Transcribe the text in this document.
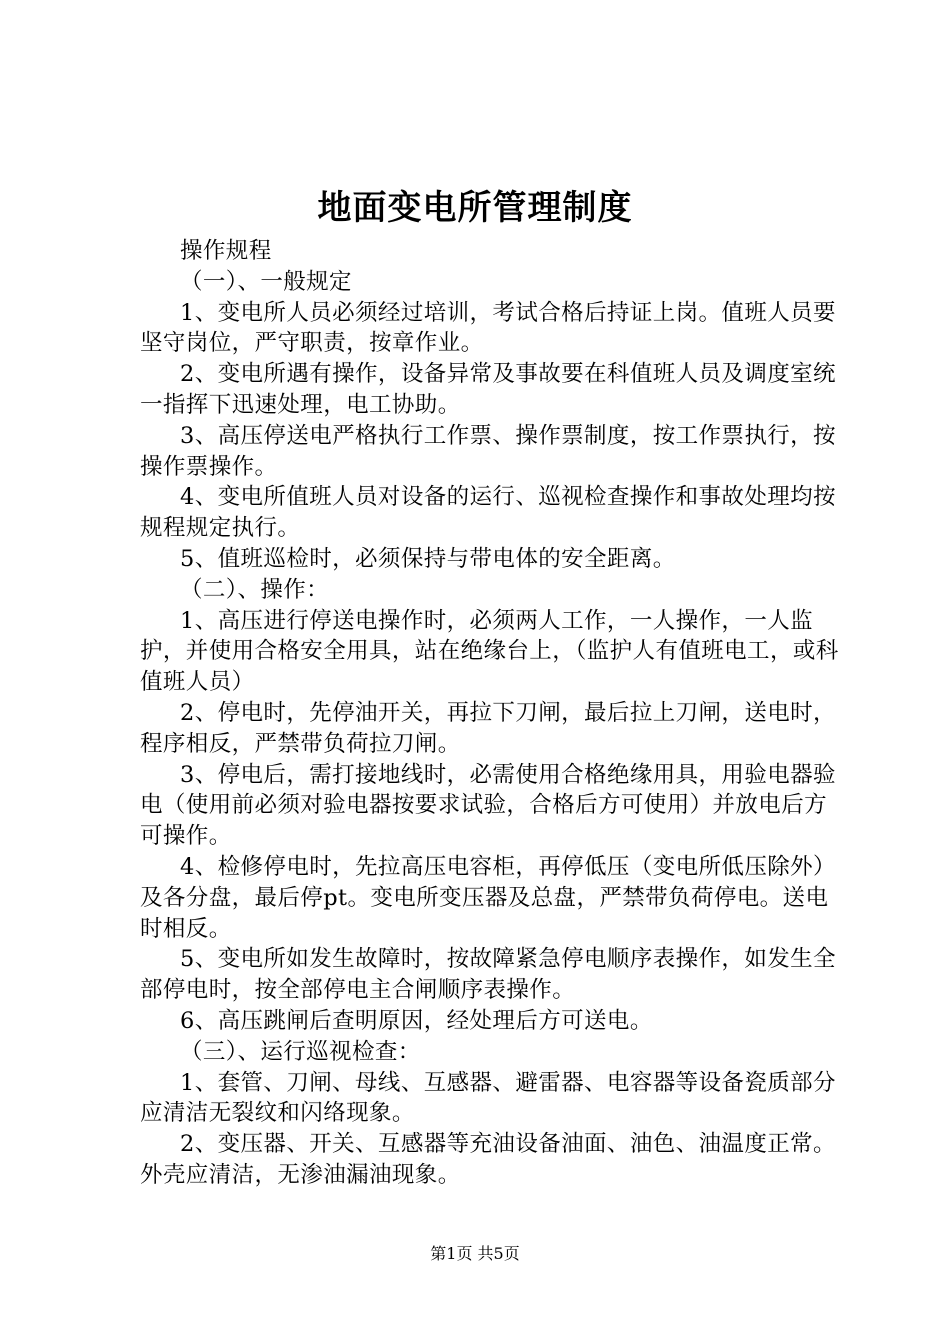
地面变电所管理制度

操作规程

（一）、一般规定

1、变电所人员必须经过培训，考试合格后持证上岗。值班人员要坚守岗位，严守职责，按章作业。

2、变电所遇有操作，设备异常及事故要在科值班人员及调度室统一指挥下迅速处理，电工协助。

3、高压停送电严格执行工作票、操作票制度，按工作票执行，按操作票操作。

4、变电所值班人员对设备的运行、巡视检查操作和事故处理均按规程规定执行。

5、值班巡检时，必须保持与带电体的安全距离。

（二）、操作：

1、高压进行停送电操作时，必须两人工作，一人操作，一人监护，并使用合格安全用具，站在绝缘台上，（监护人有值班电工，或科值班人员）

2、停电时，先停油开关，再拉下刀闸，最后拉上刀闸，送电时，程序相反，严禁带负荷拉刀闸。

3、停电后，需打接地线时，必需使用合格绝缘用具，用验电器验电（使用前必须对验电器按要求试验，合格后方可使用）并放电后方可操作。

4、检修停电时，先拉高压电容柜，再停低压（变电所低压除外）及各分盘，最后停pt。变电所变压器及总盘，严禁带负荷停电。送电时相反。

5、变电所如发生故障时，按故障紧急停电顺序表操作，如发生全部停电时，按全部停电主合闸顺序表操作。

6、高压跳闸后查明原因，经处理后方可送电。

（三）、运行巡视检查：

1、套管、刀闸、母线、互感器、避雷器、电容器等设备瓷质部分应清洁无裂纹和闪络现象。

2、变压器、开关、互感器等充油设备油面、油色、油温度正常。外壳应清洁，无渗油漏油现象。

第1页 共5页
